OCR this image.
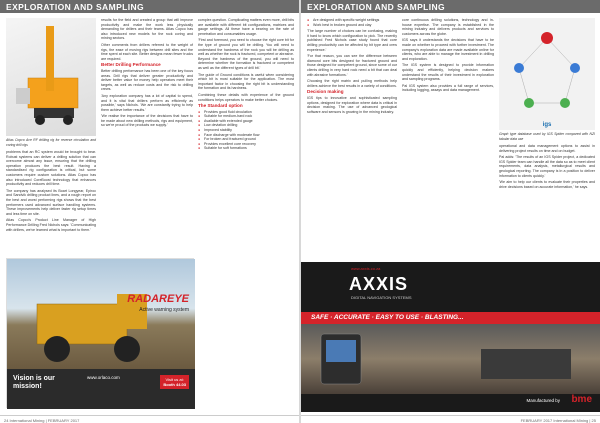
EXPLORATION AND SAMPLING
Atlas Copco Ace RF drilling rig for reverse circulation and coring drill rigs

problems that an RC system would be brought to bear. Robust systems can deliver a drilling solution that can overcome almost any issue, ensuring that the drilling operation produces the best result. Having a standardised rig configuration is critical, but some customers require custom solutions. Atlas Copco has also introduced CoreBoost technology that enhances productivity and reduces drill time.

The company has analysed its Boart Longyear, Epiroc and Sandvik drilling product lines, and a rough report on the best and worst performing rigs shows that the best performers used advanced surface handling systems. These improvements help deliver faster rig setup times and less time on site.

Atlas Copco's Product Line Manager of High Performance Drilling Fred Nichols says: 'Communicating with drillers, we've learned what is important to them.'

results for the field and created a group that will improve productivity and make the work less physically demanding for drillers and their teams. Atlas Copco has also introduced new models for the rock coring and mining sectors.

Other comments from drillers referred to the weight of rigs, the ease of moving rigs between drill sites and the time spent at each site. Better designs mean fewer trucks are required.

Better Drilling Performance

Better drilling performance has been one of the key focus areas. Drill rigs that deliver greater productivity and deliver better value for money help operators meet their targets, as well as reduce costs and the risk to drilling crews.

'Any exploration company has a lot of capital to spend, and it is vital that drillers perform as efficiently as possible,' says Nichols. 'We are constantly trying to help them achieve better results.'

'We realise the importance of the decisions that have to be made about new drilling methods, rigs and equipment, so we're proud of the products we supply.'

complex question. Complicating matters even more, drill bits are available with different bit configurations, matrices and gauge settings. All these have a bearing on the rate of penetration and consumables usage.

'First and foremost, you need to choose the right core bit for the type of ground you will be drilling. You will need to understand the hardness of the rock you will be drilling as well as whether the rock is fractured, competent or abrasive. Beyond the hardness of the ground, you will need to determine whether the formation is fractured or competent as well as the different types of drill bit.'

The guide of Ground conditions is useful when considering which bit is most suitable for the application. The most important factor in choosing the right bit is understanding the formation and its hardness.

Combining these details with experience of the ground conditions helps operators to make better choices.

The Standard option
● Provides good fluid circulation
● Suitable for medium-hard rock
● Available with extended gauge
● Low deviation drilling
● Improved stability
● Face discharge with moderate flow
● For broken and fractured ground
● Provides excellent core recovery
● Suitable for soft formations
RADAREYE
Active warning system
Vision is our mission!
www.orlaco.com	Visit us at:
Booth 44.03
24 International Mining | FEBRUARY 2017
EXPLORATION AND SAMPLING
● Are designed with specific weight settings
● Work best in broken ground and clay

'The large number of choices can be confusing, making it hard to know which configuration to pick. The recently published Fred Nichols case study found that core drilling productivity can be affected by bit type and crew experience.'

'For that reason, you can see the difference between diamond core bits designed for fractured ground and those designed for competent ground, since some of our clients drilling in very hard rock need a bit that can deal with abrasive formations.'

Choosing the right matrix and pulling methods help drillers achieve the best results in a variety of conditions.

Decision making

IGS tips to innovative and sophisticated sampling options, designed for exploration where data is critical in decision making. The use of advanced geological software and sensors is growing in the mining industry.

core continuous drilling solutions, technology and in-house expertise. The company is established in the mining industry and delivers products and services to customers across the globe.

IGS says it understands the decisions that have to be made on whether to proceed with further investment. The company's exploration data are made available online for clients, who are able to manage the investment in drilling and exploration.

The IGS system is designed to provide information quickly and efficiently, helping decision makers understand the results of their investment in exploration and sampling programs.

Pal IGS system also provides a full range of services, including logging, assays and data management.

igs
Graph type database used by IGS Spider compared with NZI tabular data use

operational and data management options to assist in delivering project results on time and on budget.

Pal adds: 'The results of an IGS Spider project, a dedicated IGS Spider team can handle all the data so as to meet client requirements, data analysis, metallurgical results and geological reporting. The company is in a position to deliver information to clients quickly.'

'We aim to help our clients to evaluate their properties and drive decisions based on accurate information,' he says.

www.axxis.co.za
AXXIS
DIGITAL NAVIGATION SYSTEMS
SAFE · ACCURATE · EASY TO USE · BLASTING...
Manufactured by bme
FEBRUARY 2017 International Mining | 25
